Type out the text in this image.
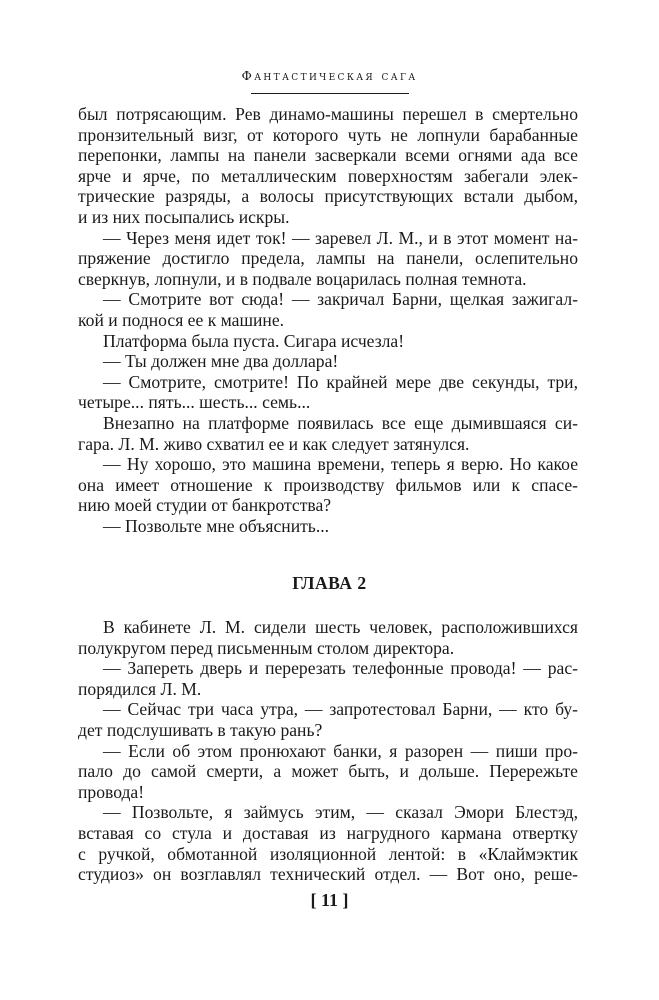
Фантастическая сага
был потрясающим. Рев динамо-машины перешел в смертельно
пронзительный визг, от которого чуть не лопнули барабанные
перепонки, лампы на панели засверкали всеми огнями ада все
ярче и ярче, по металлическим поверхностям забегали элек-
трические разряды, а волосы присутствующих встали дыбом,
и из них посыпались искры.
— Через меня идет ток! — заревел Л. М., и в этот момент на-
пряжение достигло предела, лампы на панели, ослепительно
сверкнув, лопнули, и в подвале воцарилась полная темнота.
— Смотрите вот сюда! — закричал Барни, щелкая зажигал-
кой и поднося ее к машине.
Платформа была пуста. Сигара исчезла!
— Ты должен мне два доллара!
— Смотрите, смотрите! По крайней мере две секунды, три,
четыре... пять... шесть... семь...
Внезапно на платформе появилась все еще дымившаяся си-
гара. Л. М. живо схватил ее и как следует затянулся.
— Ну хорошо, это машина времени, теперь я верю. Но какое
она имеет отношение к производству фильмов или к спасе-
нию моей студии от банкротства?
— Позвольте мне объяснить...
ГЛАВА 2
В кабинете Л. М. сидели шесть человек, расположившихся
полукругом перед письменным столом директора.
— Запереть дверь и перерезать телефонные провода! — рас-
порядился Л. М.
— Сейчас три часа утра, — запротестовал Барни, — кто бу-
дет подслушивать в такую рань?
— Если об этом пронюхают банки, я разорен — пиши про-
пало до самой смерти, а может быть, и дольше. Перережьте
провода!
— Позвольте, я займусь этим, — сказал Эмори Блестэд,
вставая со стула и доставая из нагрудного кармана отвертку
с ручкой, обмотанной изоляционной лентой: в «Клаймэктик
студиоз» он возглавлял технический отдел. — Вот оно, реше-
[ 11 ]
